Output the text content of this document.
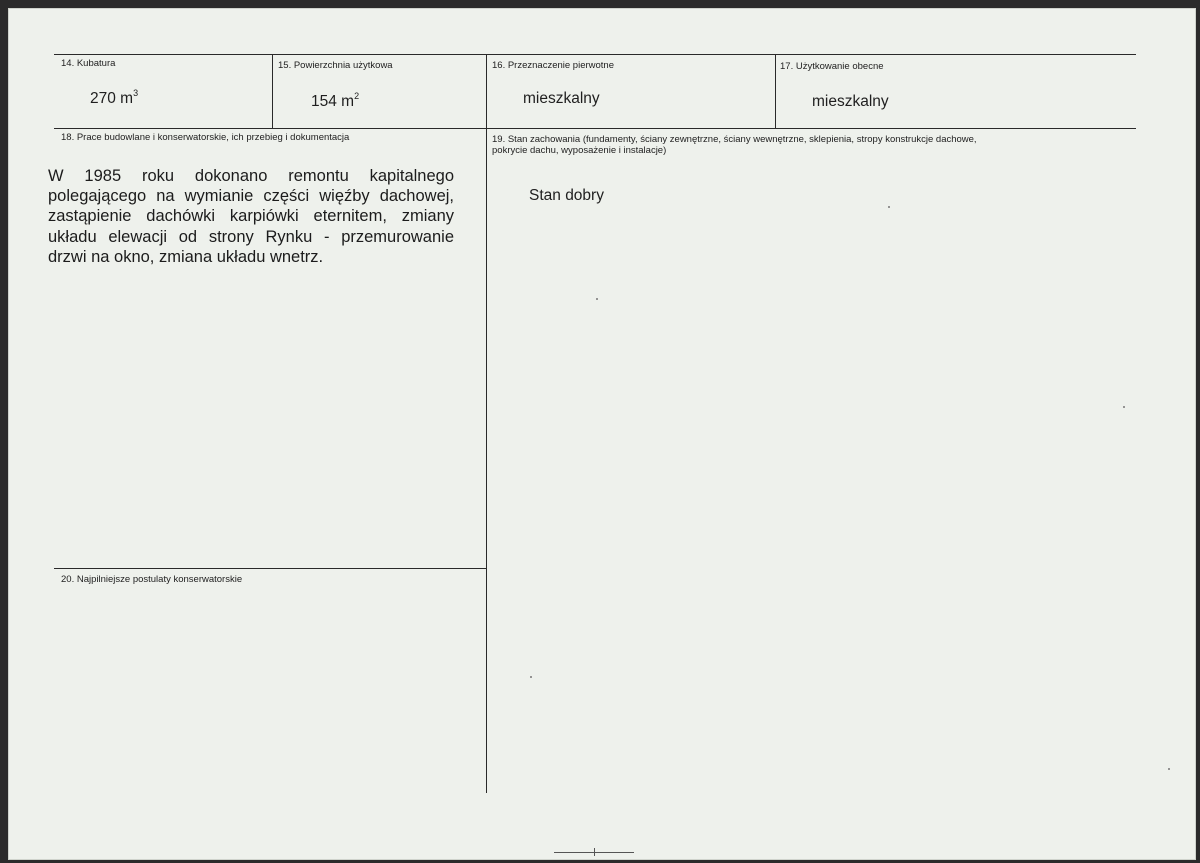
14. Kubatura
270 $m^3$
15. Powierzchnia użytkowa
154 $m^2$
16. Przeznaczenie pierwotne
mieszkalny
17. Użytkowanie obecne
mieszkalny
18. Prace budowlane i konserwatorskie, ich przebieg i dokumentacja
W 1985 roku dokonano remontu kapitalnego polegającego na wymianie części więźby dachowej, zastąpienie dachówki karpiówki eternitem, zmiany układu elewacji od strony Rynku - przemurowanie drzwi na okno, zmiana układu wnetrz.
19. Stan zachowania (fundamenty, ściany zewnętrzne, ściany wewnętrzne, sklepienia, stropy konstrukcje dachowe, pokrycie dachu, wyposażenie i instalacje)
Stan dobry
20. Najpilniejsze postulaty konserwatorskie
